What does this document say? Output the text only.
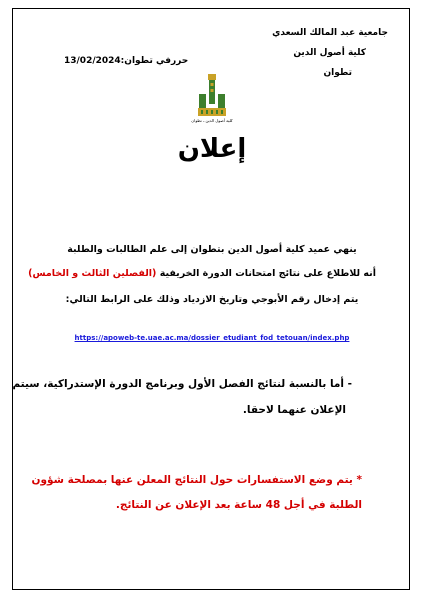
جامعية عبد المالك السعدي
كلية أصول الدين
تطوان
حررفي تطوان:13/02/2024
كلية أصول الدين ـ تطوان
إعلان
ينهي عميد كلية أصول الدين بتطوان إلى علم الطالبات والطلبة
أنه للاطلاع على نتائج امتحانات الدورة الخريفية (الفصلين الثالث و الخامس)
يتم إدخال رقم الأبوجي وتاريخ الازدياد وذلك على الرابط التالي:
https://apoweb-te.uae.ac.ma/dossier_etudiant_fod_tetouan/index.php
- أما بالنسبة لنتائج الفصل الأول وبرنامج الدورة الإستدراكية، سيتم
الإعلان عنهما لاحقا.
* يتم وضع الاستفسارات حول النتائج المعلن عنها بمصلحة شؤون
الطلبة في أجل 48 ساعة بعد الإعلان عن النتائج.
